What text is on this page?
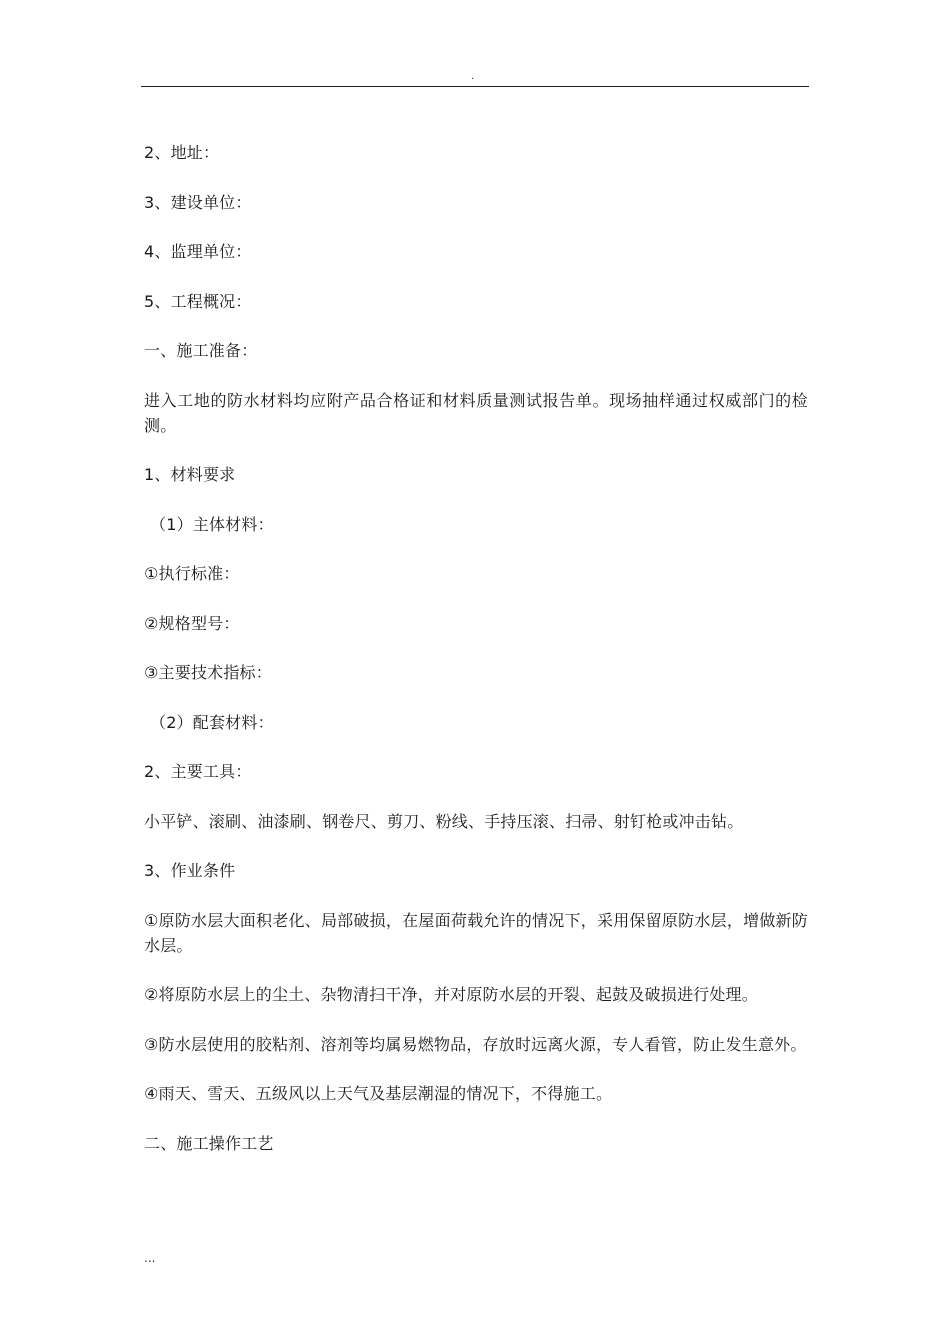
.

2、地址：

3、建设单位：

4、监理单位：

5、工程概况：

一、施工准备：

进入工地的防水材料均应附产品合格证和材料质量测试报告单。现场抽样通过权威部门的检测。

1、材料要求

（1）主体材料：

①执行标准：

②规格型号：

③主要技术指标：

（2）配套材料：

2、主要工具：

小平铲、滚刷、油漆刷、钢卷尺、剪刀、粉线、手持压滚、扫帚、射钉枪或冲击钻。

3、作业条件

①原防水层大面积老化、局部破损，在屋面荷载允许的情况下，采用保留原防水层，增做新防水层。

②将原防水层上的尘土、杂物清扫干净，并对原防水层的开裂、起鼓及破损进行处理。

③防水层使用的胶粘剂、溶剂等均属易燃物品，存放时远离火源，专人看管，防止发生意外。

④雨天、雪天、五级风以上天气及基层潮湿的情况下，不得施工。

二、施工操作工艺

...
